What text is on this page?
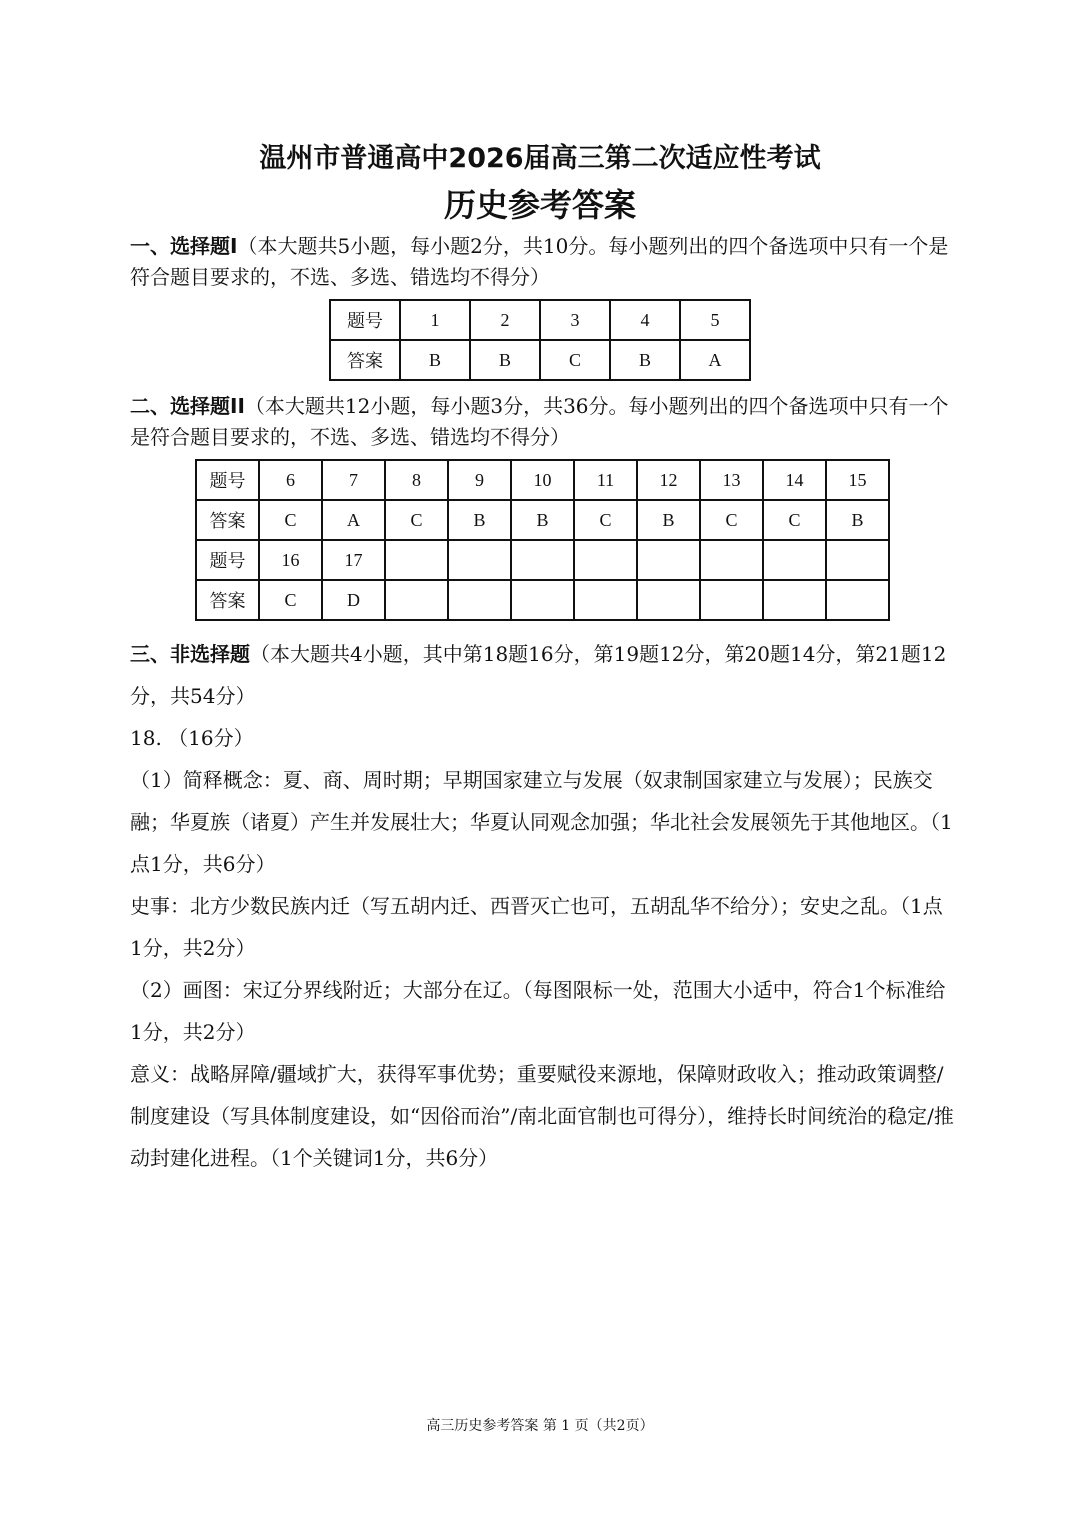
温州市普通高中2026届高三第二次适应性考试
历史参考答案
一、选择题I（本大题共5小题，每小题2分，共10分。每小题列出的四个备选项中只有一个是符合题目要求的，不选、多选、错选均不得分）
题号	1	2	3	4	5
答案	B	B	C	B	A
二、选择题II（本大题共12小题，每小题3分，共36分。每小题列出的四个备选项中只有一个是符合题目要求的，不选、多选、错选均不得分）
题号	6	7	8	9	10	11	12	13	14	15
答案	C	A	C	B	B	C	B	C	C	B
题号	16	17								
答案	C	D								

三、非选择题（本大题共4小题，其中第18题16分，第19题12分，第20题14分，第21题12分，共54分）

18. （16分）

（1）简释概念：夏、商、周时期；早期国家建立与发展（奴隶制国家建立与发展）；民族交融；华夏族（诸夏）产生并发展壮大；华夏认同观念加强；华北社会发展领先于其他地区。（1点1分，共6分）

史事：北方少数民族内迁（写五胡内迁、西晋灭亡也可，五胡乱华不给分）；安史之乱。（1点1分，共2分）

（2）画图：宋辽分界线附近；大部分在辽。（每图限标一处，范围大小适中，符合1个标准给1分，共2分）

意义：战略屏障/疆域扩大，获得军事优势；重要赋役来源地，保障财政收入；推动政策调整/制度建设（写具体制度建设，如“因俗而治”/南北面官制也可得分），维持长时间统治的稳定/推动封建化进程。（1个关键词1分，共6分）

高三历史参考答案 第 1 页（共2页）
